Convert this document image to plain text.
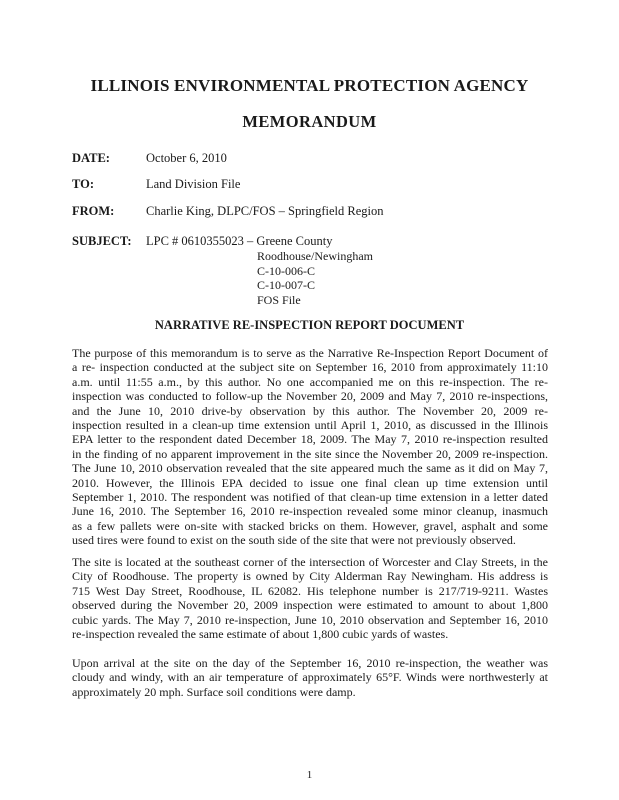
ILLINOIS ENVIRONMENTAL PROTECTION AGENCY
MEMORANDUM
DATE:	October 6, 2010
TO:	Land Division File
FROM:	Charlie King, DLPC/FOS – Springfield Region
SUBJECT: LPC # 0610355023 – Greene County
Roodhouse/Newingham
C-10-006-C
C-10-007-C
FOS File
NARRATIVE RE-INSPECTION REPORT DOCUMENT
The purpose of this memorandum is to serve as the Narrative Re-Inspection Report Document of
a re- inspection conducted at the subject site on September 16, 2010 from approximately 11:10
a.m. until 11:55 a.m., by this author. No one accompanied me on this re-inspection. The re-
inspection was conducted to follow-up the November 20, 2009 and May 7, 2010 re-inspections,
and the June 10, 2010 drive-by observation by this author. The November 20, 2009 re-
inspection resulted in a clean-up time extension until April 1, 2010, as discussed in the Illinois
EPA letter to the respondent dated December 18, 2009. The May 7, 2010 re-inspection resulted
in the finding of no apparent improvement in the site since the November 20, 2009 re-inspection.
The June 10, 2010 observation revealed that the site appeared much the same as it did on May 7,
2010. However, the Illinois EPA decided to issue one final clean up time extension until
September 1, 2010. The respondent was notified of that clean-up time extension in a letter dated
June 16, 2010. The September 16, 2010 re-inspection revealed some minor cleanup, inasmuch
as a few pallets were on-site with stacked bricks on them. However, gravel, asphalt and some
used tires were found to exist on the south side of the site that were not previously observed.
The site is located at the southeast corner of the intersection of Worcester and Clay Streets, in the
City of Roodhouse. The property is owned by City Alderman Ray Newingham. His address is
715 West Day Street, Roodhouse, IL 62082. His telephone number is 217/719-9211. Wastes
observed during the November 20, 2009 inspection were estimated to amount to about 1,800
cubic yards. The May 7, 2010 re-inspection, June 10, 2010 observation and September 16, 2010
re-inspection revealed the same estimate of about 1,800 cubic yards of wastes.
Upon arrival at the site on the day of the September 16, 2010 re-inspection, the weather was
cloudy and windy, with an air temperature of approximately 65°F. Winds were northwesterly at
approximately 20 mph. Surface soil conditions were damp.
1
